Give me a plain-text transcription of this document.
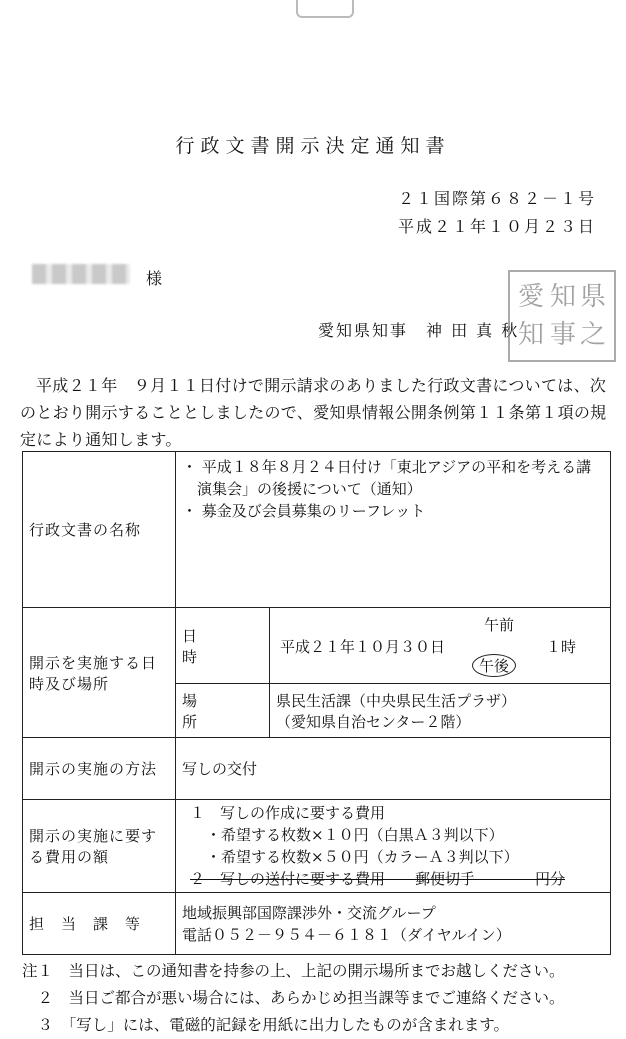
行政文書開示決定通知書
２１国際第６８２－１号
平成２１年１０月２３日
様
愛知県知事　神 田 真 秋
県
知
愛
之
事
知
平成２１年　９月１１日付けで開示請求のありました行政文書については、次のとおり開示することとしましたので、愛知県情報公開条例第１１条第１項の規定により通知します。
行政文書の名称	・ 平成１８年８月２４日付け「東北アジアの平和を考える講演集会」の後援について（通知）
・ 募金及び会員募集のリーフレット	

開示を実施する日時及び場所	日　　時	平成２１年１０月３０日
午前
午後
１時

	場　　所	県民生活課（中央県民生活プラザ）
（愛知県自治センター２階）

開示の実施の方法	写しの交付	
開示の実施に要する費用の額	１　写しの作成に要する費用
・希望する枚数×１０円（白黒Ａ３判以下）
・希望する枚数×５０円（カラーＡ３判以下）
２　写しの送付に要する費用　　郵便切手　　　　円分	

担　当　課　等	地域振興部国際課渉外・交流グループ
電話０５２－９５４－６１８１（ダイヤルイン）	
注１　当日は、この通知書を持参の上、上記の開示場所までお越しください。
　２　当日ご都合が悪い場合には、あらかじめ担当課等までご連絡ください。
　３　「写し」には、電磁的記録を用紙に出力したものが含まれます。
